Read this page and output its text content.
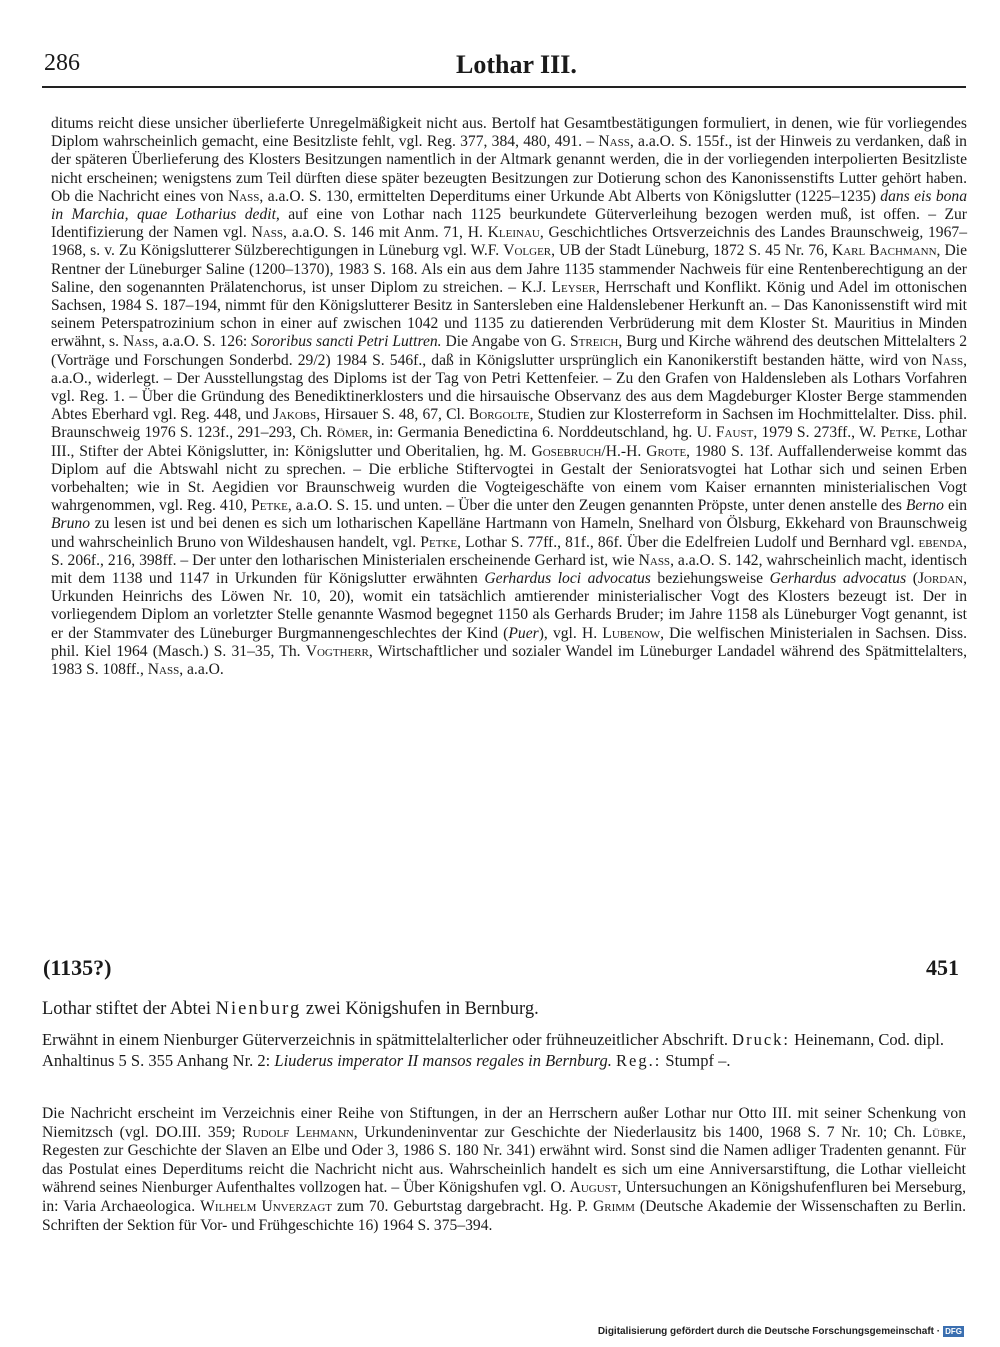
286	Lothar III.

ditums reicht diese unsicher überlieferte Unregelmäßigkeit nicht aus. Bertolf hat Gesamtbestätigungen formuliert, in denen, wie für vorliegendes Diplom wahrscheinlich gemacht, eine Besitzliste fehlt, vgl. Reg. 377, 384, 480, 491. – Nass, a.a.O. S. 155f., ist der Hinweis zu verdanken, daß in der späteren Überlieferung des Klosters Besitzungen namentlich in der Altmark genannt werden, die in der vorliegenden interpolierten Besitzliste nicht erscheinen; wenigstens zum Teil dürften diese später bezeugten Besitzungen zur Dotierung schon des Kanonissenstifts Lutter gehört haben. Ob die Nachricht eines von Nass, a.a.O. S. 130, ermittelten Deperditums einer Urkunde Abt Alberts von Königslutter (1225–1235) dans eis bona in Marchia, quae Lotharius dedit, auf eine von Lothar nach 1125 beurkundete Güterverleihung bezogen werden muß, ist offen. – Zur Identifizierung der Namen vgl. Nass, a.a.O. S. 146 mit Anm. 71, H. Kleinau, Geschichtliches Ortsverzeichnis des Landes Braunschweig, 1967–1968, s. v. Zu Königslutterer Sülzberechtigungen in Lüneburg vgl. W.F. Volger, UB der Stadt Lüneburg, 1872 S. 45 Nr. 76, Karl Bachmann, Die Rentner der Lüneburger Saline (1200–1370), 1983 S. 168. Als ein aus dem Jahre 1135 stammender Nachweis für eine Rentenberechtigung an der Saline, den sogenannten Prälatenchorus, ist unser Diplom zu streichen. – K.J. Leyser, Herrschaft und Konflikt. König und Adel im ottonischen Sachsen, 1984 S. 187–194, nimmt für den Königslutterer Besitz in Santersleben eine Haldenslebener Herkunft an. – Das Kanonissenstift wird mit seinem Peterspatrozinium schon in einer auf zwischen 1042 und 1135 zu datierenden Verbrüderung mit dem Kloster St. Mauritius in Minden erwähnt, s. Nass, a.a.O. S. 126: Sororibus sancti Petri Luttren. Die Angabe von G. Streich, Burg und Kirche während des deutschen Mittelalters 2 (Vorträge und Forschungen Sonderbd. 29/2) 1984 S. 546f., daß in Königslutter ursprünglich ein Kanonikerstift bestanden hätte, wird von Nass, a.a.O., widerlegt. – Der Ausstellungstag des Diploms ist der Tag von Petri Kettenfeier. – Zu den Grafen von Haldensleben als Lothars Vorfahren vgl. Reg. 1. – Über die Gründung des Benediktinerklosters und die hirsauische Observanz des aus dem Magdeburger Kloster Berge stammenden Abtes Eberhard vgl. Reg. 448, und Jakobs, Hirsauer S. 48, 67, Cl. Borgolte, Studien zur Klosterreform in Sachsen im Hochmittelalter. Diss. phil. Braunschweig 1976 S. 123f., 291–293, Ch. Römer, in: Germania Benedictina 6. Norddeutschland, hg. U. Faust, 1979 S. 273ff., W. Petke, Lothar III., Stifter der Abtei Königslutter, in: Königslutter und Oberitalien, hg. M. Gosebruch/H.-H. Grote, 1980 S. 13f. Auffallenderweise kommt das Diplom auf die Abtswahl nicht zu sprechen. – Die erbliche Stiftervogtei in Gestalt der Senioratsvogtei hat Lothar sich und seinen Erben vorbehalten; wie in St. Aegidien vor Braunschweig wurden die Vogteigeschäfte von einem vom Kaiser ernannten ministerialischen Vogt wahrgenommen, vgl. Reg. 410, Petke, a.a.O. S. 15. und unten. – Über die unter den Zeugen genannten Pröpste, unter denen anstelle des Berno ein Bruno zu lesen ist und bei denen es sich um lotharischen Kapelläne Hartmann von Hameln, Snelhard von Ölsburg, Ekkehard von Braunschweig und wahrscheinlich Bruno von Wildeshausen handelt, vgl. Petke, Lothar S. 77ff., 81f., 86f. Über die Edelfreien Ludolf und Bernhard vgl. ebenda, S. 206f., 216, 398ff. – Der unter den lotharischen Ministerialen erscheinende Gerhard ist, wie Nass, a.a.O. S. 142, wahrscheinlich macht, identisch mit dem 1138 und 1147 in Urkunden für Königslutter erwähnten Gerhardus loci advocatus beziehungsweise Gerhardus advocatus (Jordan, Urkunden Heinrichs des Löwen Nr. 10, 20), womit ein tatsächlich amtierender ministerialischer Vogt des Klosters bezeugt ist. Der in vorliegendem Diplom an vorletzter Stelle genannte Wasmod begegnet 1150 als Gerhards Bruder; im Jahre 1158 als Lüneburger Vogt genannt, ist er der Stammvater des Lüneburger Burgmannengeschlechtes der Kind (Puer), vgl. H. Lubenow, Die welfischen Ministerialen in Sachsen. Diss. phil. Kiel 1964 (Masch.) S. 31–35, Th. Vogtherr, Wirtschaftlicher und sozialer Wandel im Lüneburger Landadel während des Spätmittelalters, 1983 S. 108ff., Nass, a.a.O.

(1135?)	451

Lothar stiftet der Abtei Nienburg zwei Königshufen in Bernburg.

Erwähnt in einem Nienburger Güterverzeichnis in spätmittelalterlicher oder frühneuzeitlicher Abschrift. Druck: Heinemann, Cod. dipl. Anhaltinus 5 S. 355 Anhang Nr. 2: Liuderus imperator II mansos regales in Bernburg. Reg.: Stumpf –.

Die Nachricht erscheint im Verzeichnis einer Reihe von Stiftungen, in der an Herrschern außer Lothar nur Otto III. mit seiner Schenkung von Niemitzsch (vgl. DO.III. 359; Rudolf Lehmann, Urkundeninventar zur Geschichte der Niederlausitz bis 1400, 1968 S. 7 Nr. 10; Ch. Lübke, Regesten zur Geschichte der Slaven an Elbe und Oder 3, 1986 S. 180 Nr. 341) erwähnt wird. Sonst sind die Namen adliger Tradenten genannt. Für das Postulat eines Deperditums reicht die Nachricht nicht aus. Wahrscheinlich handelt es sich um eine Anniversarstiftung, die Lothar vielleicht während seines Nienburger Aufenthaltes vollzogen hat. – Über Königshufen vgl. O. August, Untersuchungen an Königshufenfluren bei Merseburg, in: Varia Archaeologica. Wilhelm Unverzagt zum 70. Geburtstag dargebracht. Hg. P. Grimm (Deutsche Akademie der Wissenschaften zu Berlin. Schriften der Sektion für Vor- und Frühgeschichte 16) 1964 S. 375–394.

Digitalisierung gefördert durch die Deutsche Forschungsgemeinschaft · DFG
